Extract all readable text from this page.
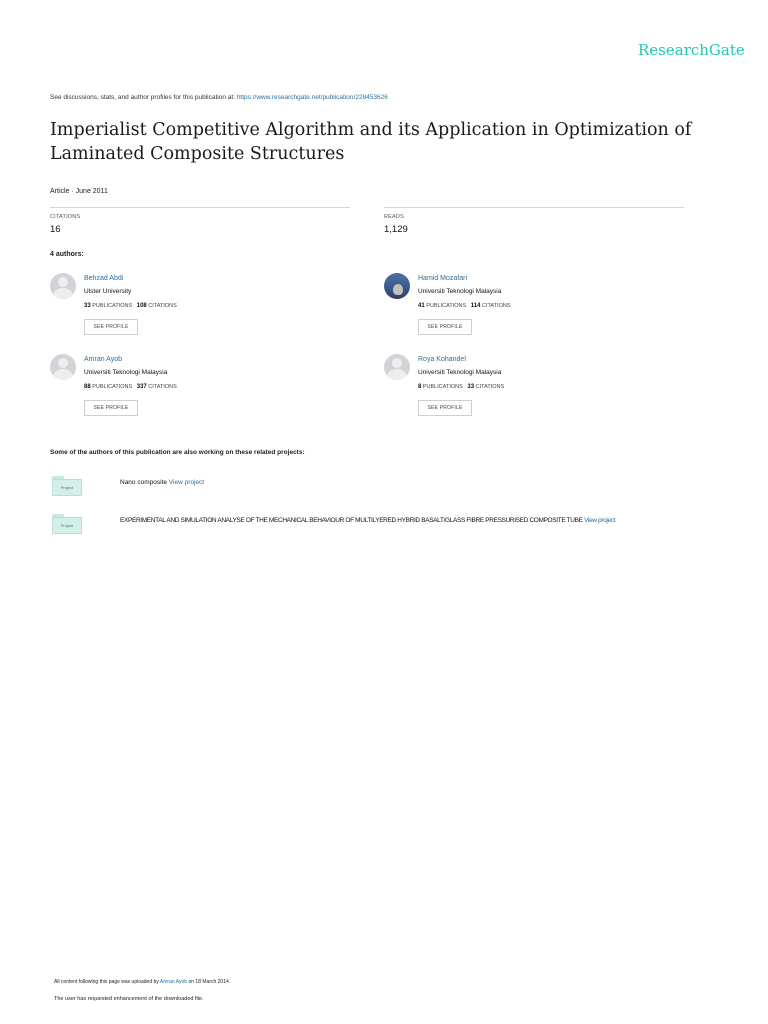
ResearchGate
See discussions, stats, and author profiles for this publication at: https://www.researchgate.net/publication/228453626
Imperialist Competitive Algorithm and its Application in Optimization of Laminated Composite Structures
Article · June 2011
CITATIONS
16
READS
1,129
4 authors:
Behzad Abdi
Ulster University
33 PUBLICATIONS 108 CITATIONS
SEE PROFILE
Hamid Mozafari
Universiti Teknologi Malaysia
41 PUBLICATIONS 114 CITATIONS
SEE PROFILE
Amran Ayob
Universiti Teknologi Malaysia
88 PUBLICATIONS 337 CITATIONS
SEE PROFILE
Roya Kohandel
Universiti Teknologi Malaysia
8 PUBLICATIONS 33 CITATIONS
SEE PROFILE
Some of the authors of this publication are also working on these related projects:
Project
Nano composite View project
Project
EXPERIMENTAL AND SIMULATION ANALYSE OF THE MECHANICAL BEHAVIOUR OF MULTILYERED HYBRID BASALT/GLASS FIBRE PRESSURISED COMPOSITE TUBE View project
All content following this page was uploaded by Amran Ayob on 18 March 2014.
The user has requested enhancement of the downloaded file.
